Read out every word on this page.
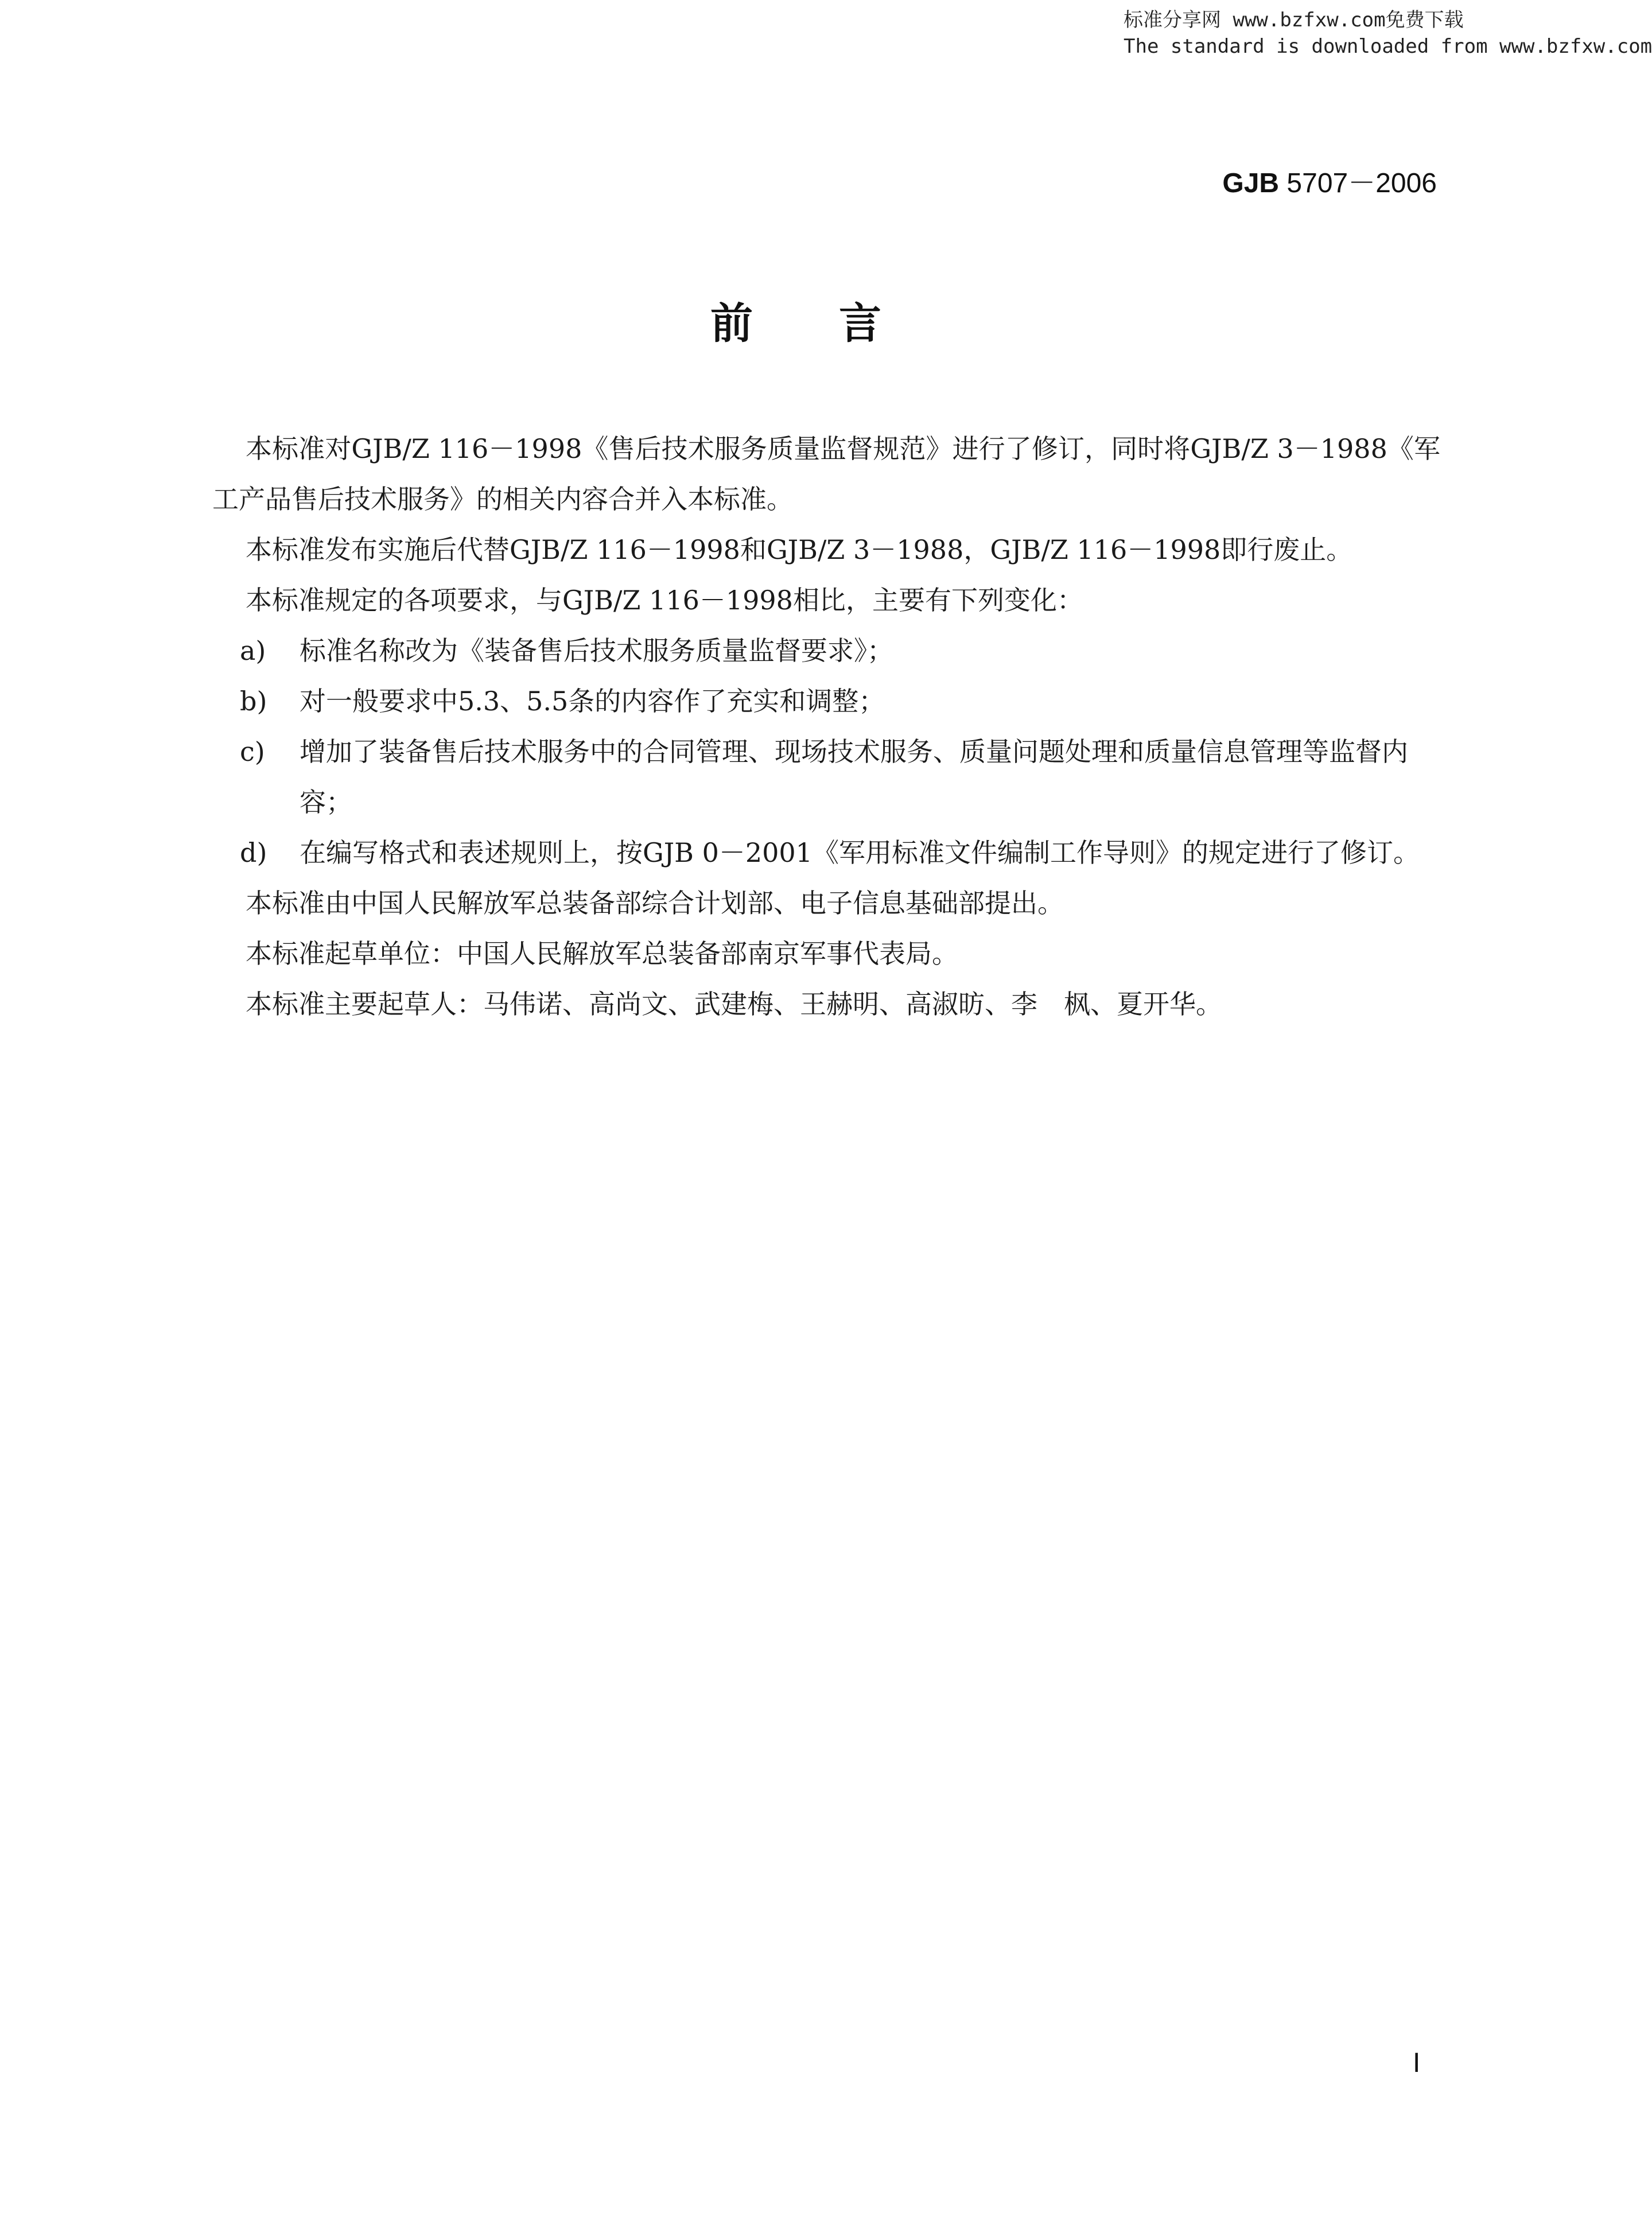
标准分享网 www.bzfxw.com免费下载
The standard is downloaded from www.bzfxw.com
GJB 5707－2006
前言

本标准对GJB/Z 116－1998《售后技术服务质量监督规范》进行了修订，同时将GJB/Z 3－1988《军工产品售后技术服务》的相关内容合并入本标准。

本标准发布实施后代替GJB/Z 116－1998和GJB/Z 3－1988，GJB/Z 116－1998即行废止。

本标准规定的各项要求，与GJB/Z 116－1998相比，主要有下列变化：

a) 标准名称改为《装备售后技术服务质量监督要求》；
b) 对一般要求中5.3、5.5条的内容作了充实和调整；
c) 增加了装备售后技术服务中的合同管理、现场技术服务、质量问题处理和质量信息管理等监督内容；
d) 在编写格式和表述规则上，按GJB 0－2001《军用标准文件编制工作导则》的规定进行了修订。

本标准由中国人民解放军总装备部综合计划部、电子信息基础部提出。

本标准起草单位：中国人民解放军总装备部南京军事代表局。

本标准主要起草人：马伟诺、高尚文、武建梅、王赫明、高淑昉、李　枫、夏开华。

I
